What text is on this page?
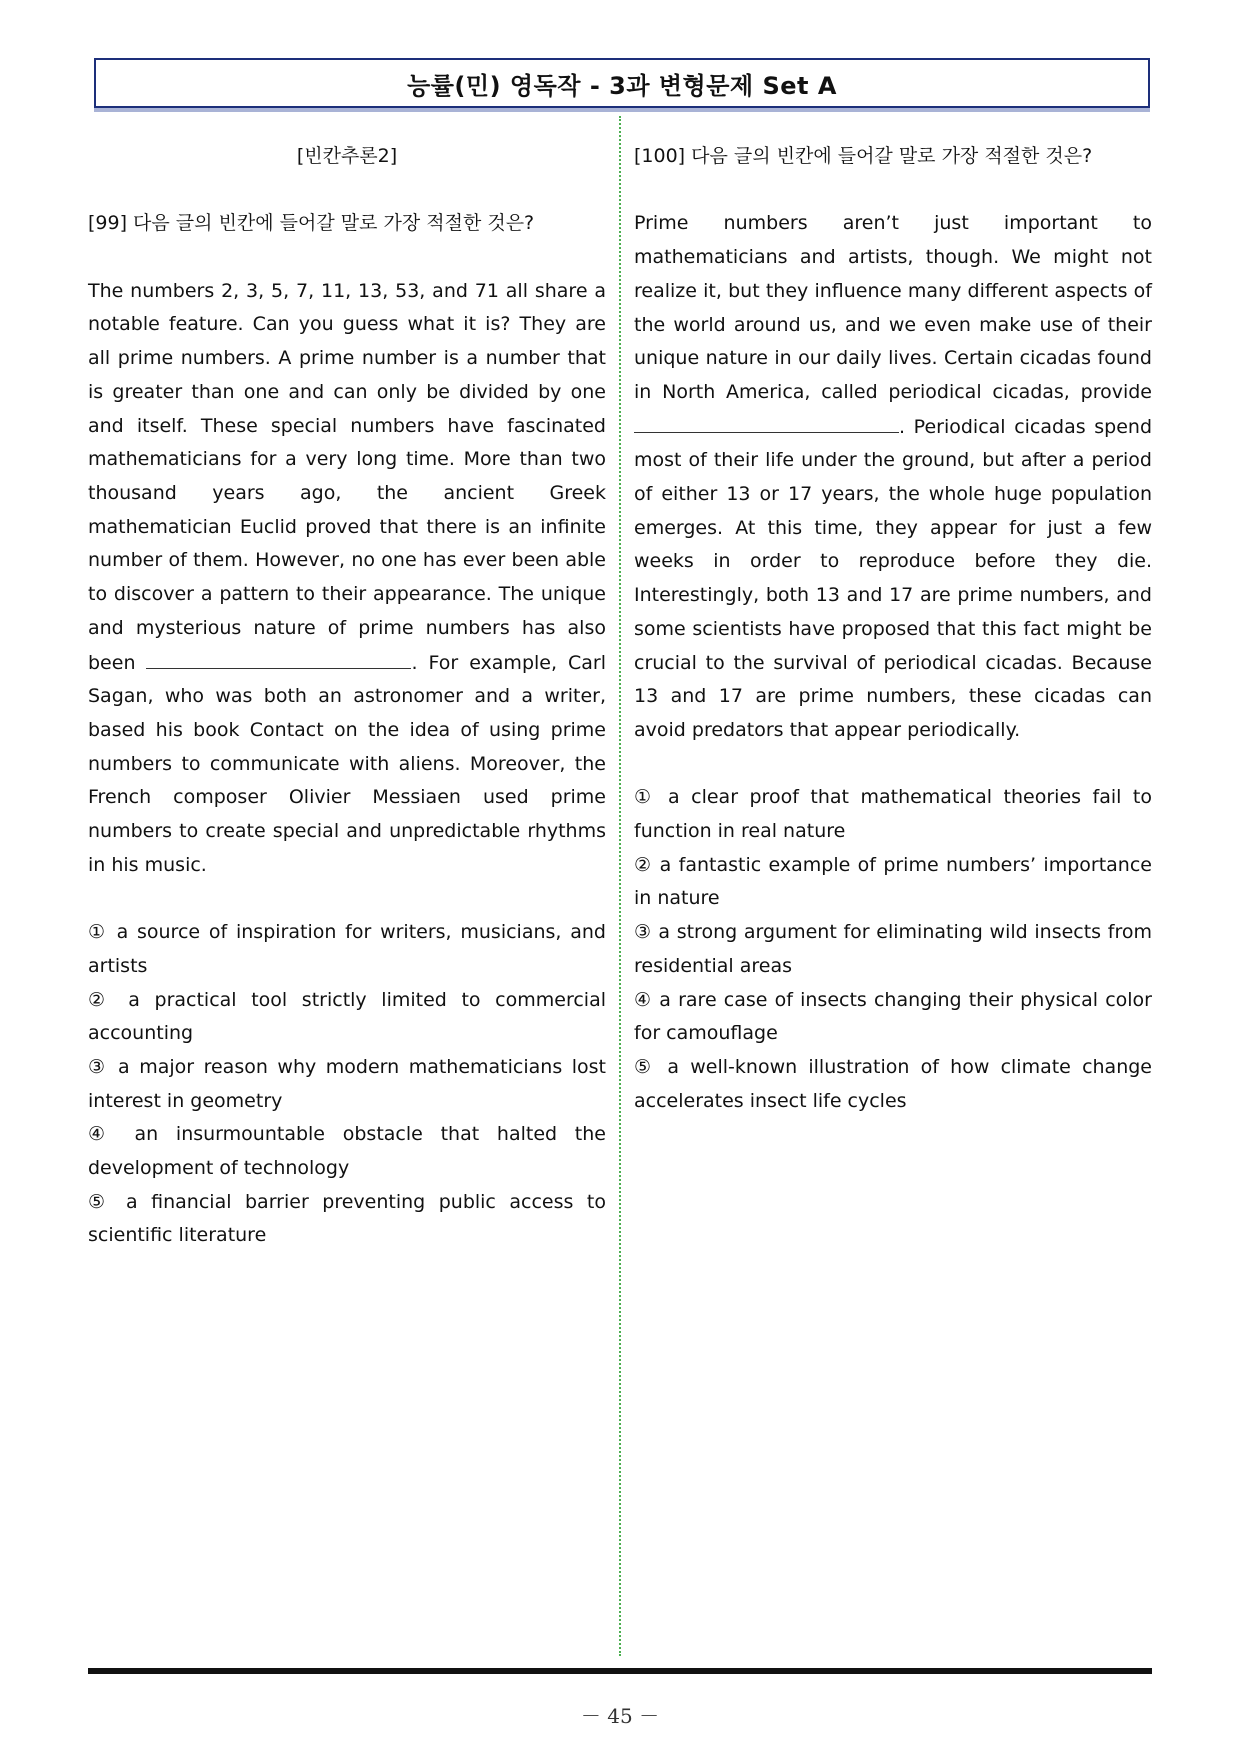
능률(민) 영독작 - 3과 변형문제 Set A

[빈칸추론2]

[99] 다음 글의 빈칸에 들어갈 말로 가장 적절한 것은?

The numbers 2, 3, 5, 7, 11, 13, 53, and 71 all share a notable feature. Can you guess what it is? They are all prime numbers. A prime number is a number that is greater than one and can only be divided by one and itself. These special numbers have fascinated mathematicians for a very long time. More than two thousand years ago, the ancient Greek mathematician Euclid proved that there is an infinite number of them. However, no one has ever been able to discover a pattern to their appearance. The unique and mysterious nature of prime numbers has also been	. For example, Carl Sagan, who was both an astronomer and a writer, based his book Contact on the idea of using prime numbers to communicate with aliens. Moreover, the French composer Olivier Messiaen used prime numbers to create special and unpredictable rhythms in his music.

① a source of inspiration for writers, musicians, and artists

② a practical tool strictly limited to commercial accounting

③ a major reason why modern mathematicians lost interest in geometry

④ an insurmountable obstacle that halted the development of technology

⑤ a financial barrier preventing public access to scientific literature

[100] 다음 글의 빈칸에 들어갈 말로 가장 적절한 것은?

Prime numbers aren’t just important to mathematicians and artists, though. We might not realize it, but they influence many different aspects of the world around us, and we even make use of their unique nature in our daily lives. Certain cicadas found in North America, called periodical cicadas, provide . Periodical cicadas spend most of their life under the ground, but after a period of either 13 or 17 years, the whole huge population emerges. At this time, they appear for just a few weeks in order to reproduce before they die. Interestingly, both 13 and 17 are prime numbers, and some scientists have proposed that this fact might be crucial to the survival of periodical cicadas. Because 13 and 17 are prime numbers, these cicadas can avoid predators that appear periodically.

① a clear proof that mathematical theories fail to function in real nature

② a fantastic example of prime numbers’ importance in nature

③ a strong argument for eliminating wild insects from residential areas

④ a rare case of insects changing their physical color for camouflage

⑤ a well-known illustration of how climate change accelerates insect life cycles

－ 45 －
